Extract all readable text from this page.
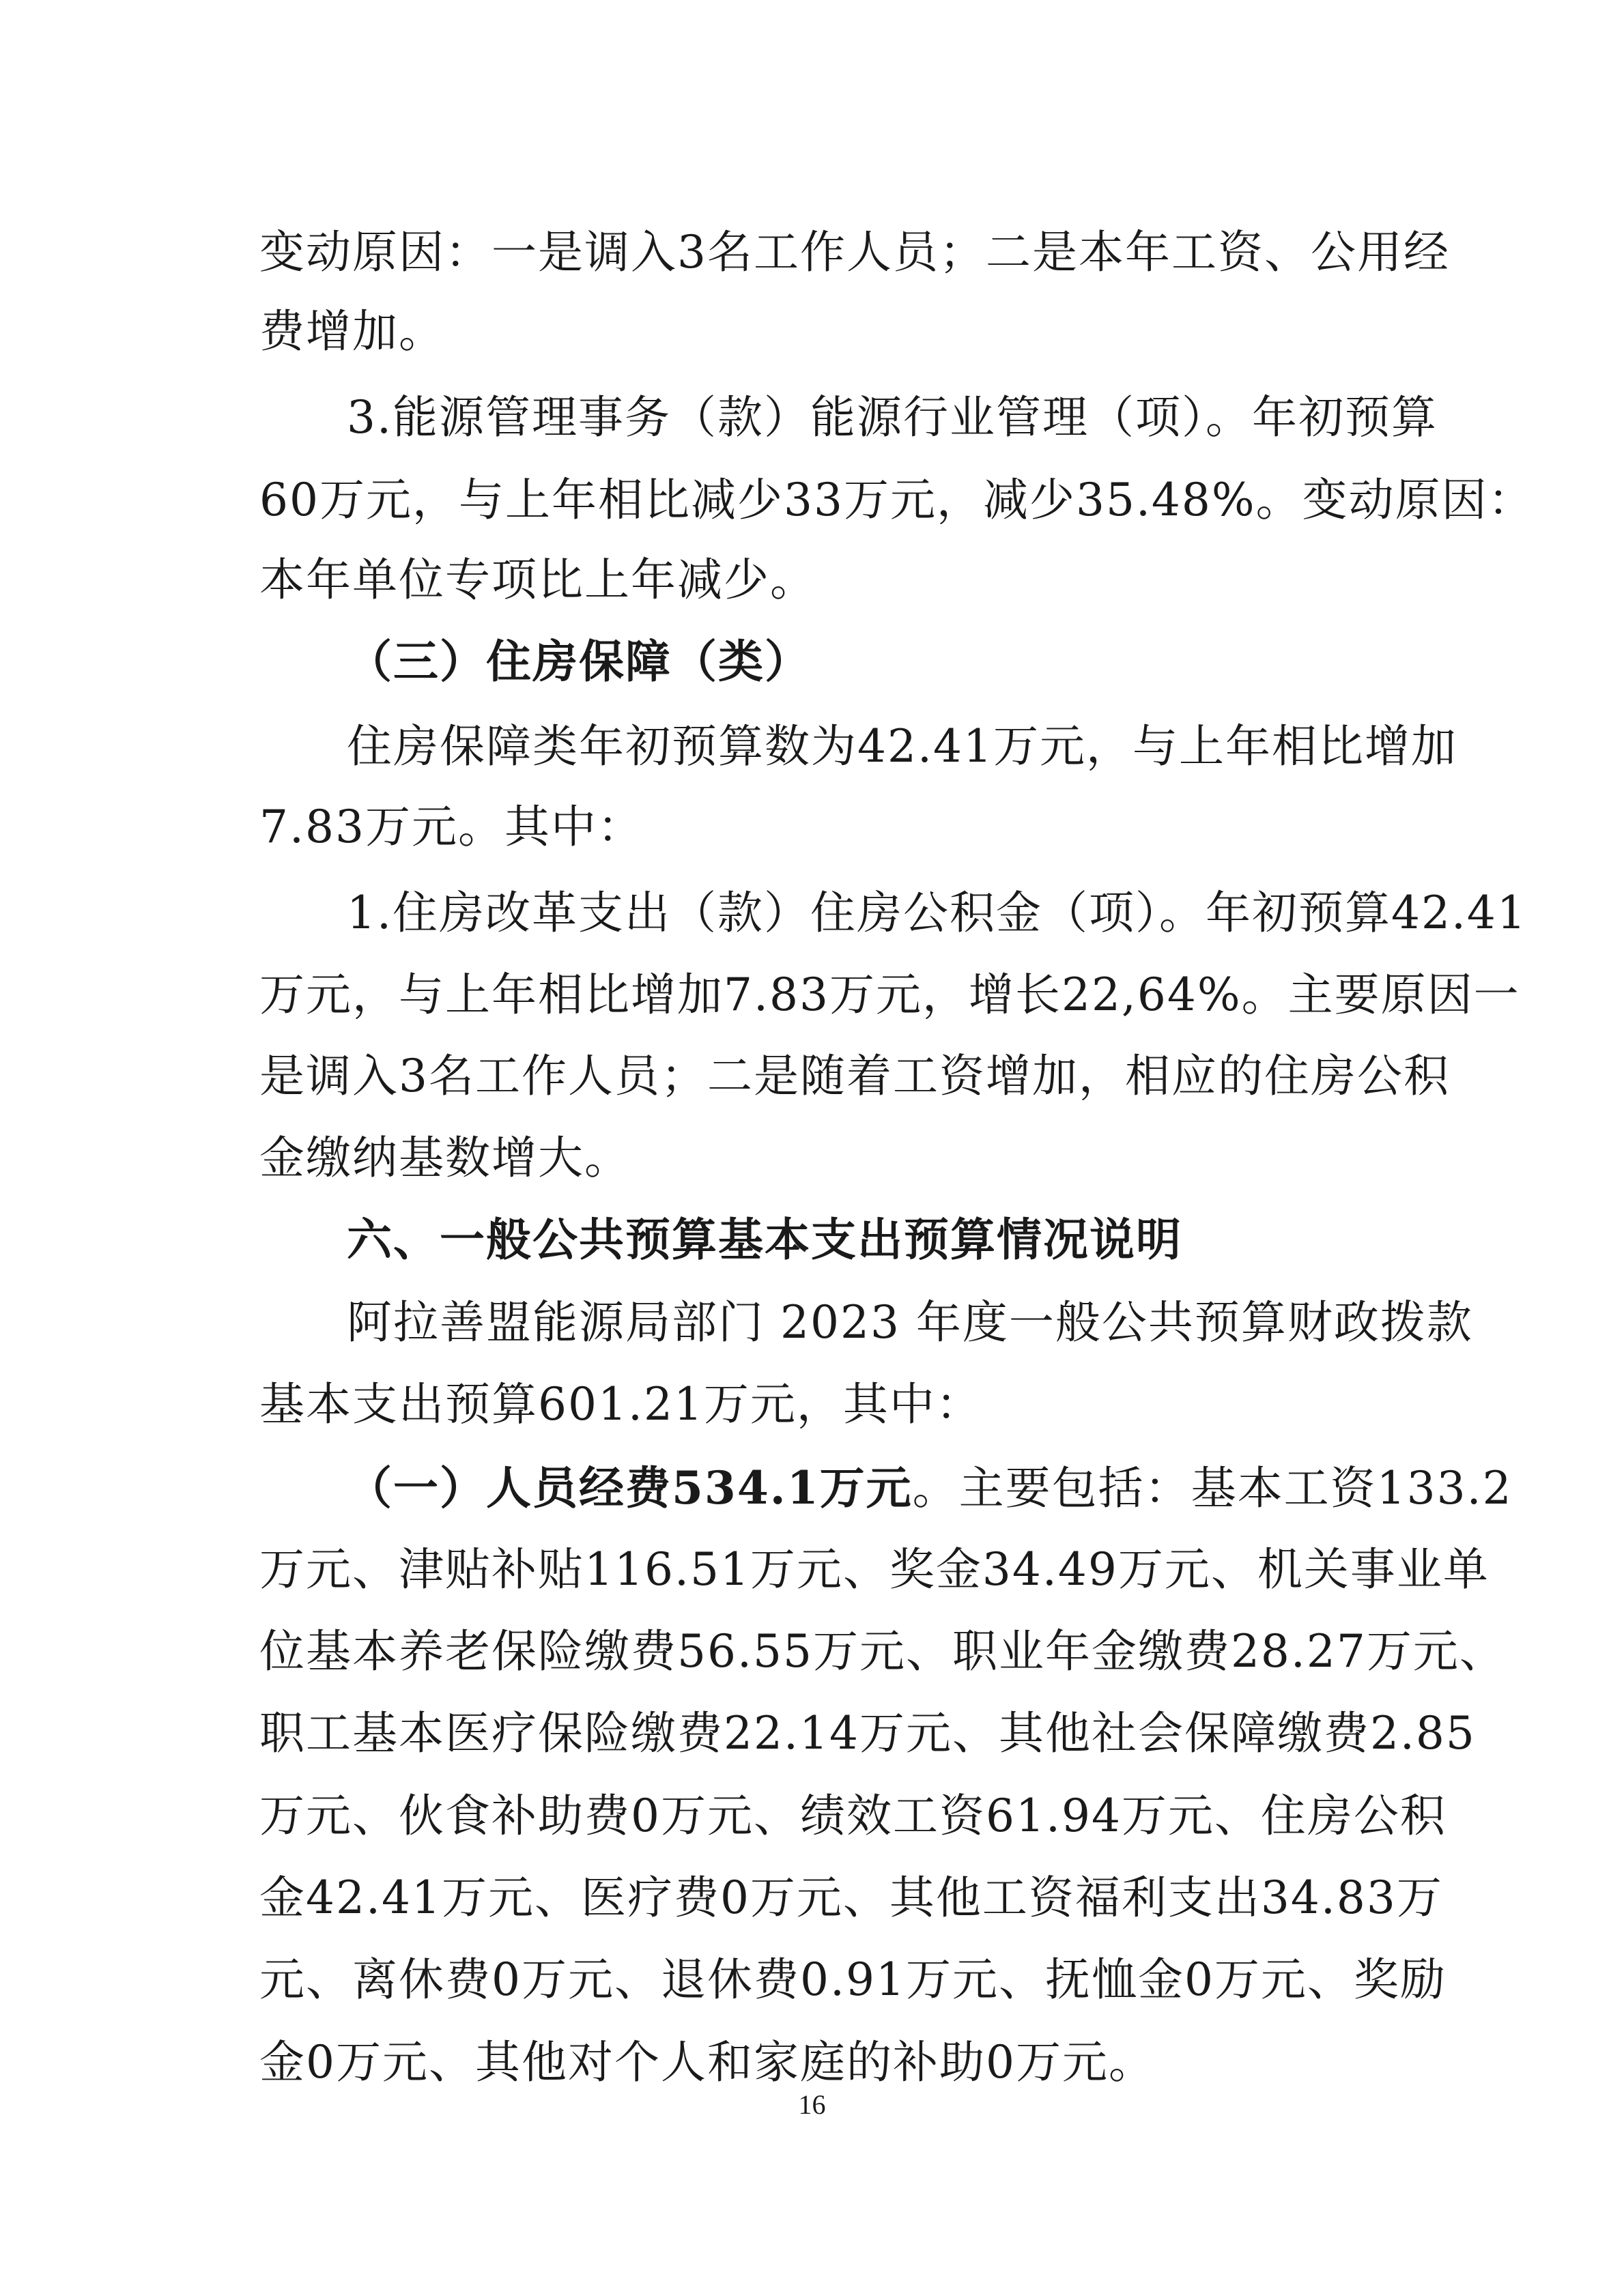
变动原因：一是调入3名工作人员；二是本年工资、公用经
费增加。
3.能源管理事务（款）能源行业管理（项）。年初预算
60万元，与上年相比减少33万元，减少35.48%。变动原因：
本年单位专项比上年减少。
（三）住房保障（类）
住房保障类年初预算数为42.41万元，与上年相比增加
7.83万元。其中：
1.住房改革支出（款）住房公积金（项）。年初预算42.41
万元，与上年相比增加7.83万元，增长22,64%。主要原因一
是调入3名工作人员；二是随着工资增加，相应的住房公积
金缴纳基数增大。
六、一般公共预算基本支出预算情况说明
阿拉善盟能源局部门 2023 年度一般公共预算财政拨款
基本支出预算601.21万元，其中：
（一）人员经费534.1万元。主要包括：基本工资133.2
万元、津贴补贴116.51万元、奖金34.49万元、机关事业单
位基本养老保险缴费56.55万元、职业年金缴费28.27万元、
职工基本医疗保险缴费22.14万元、其他社会保障缴费2.85
万元、伙食补助费0万元、绩效工资61.94万元、住房公积
金42.41万元、医疗费0万元、其他工资福利支出34.83万
元、离休费0万元、退休费0.91万元、抚恤金0万元、奖励
金0万元、其他对个人和家庭的补助0万元。
16
